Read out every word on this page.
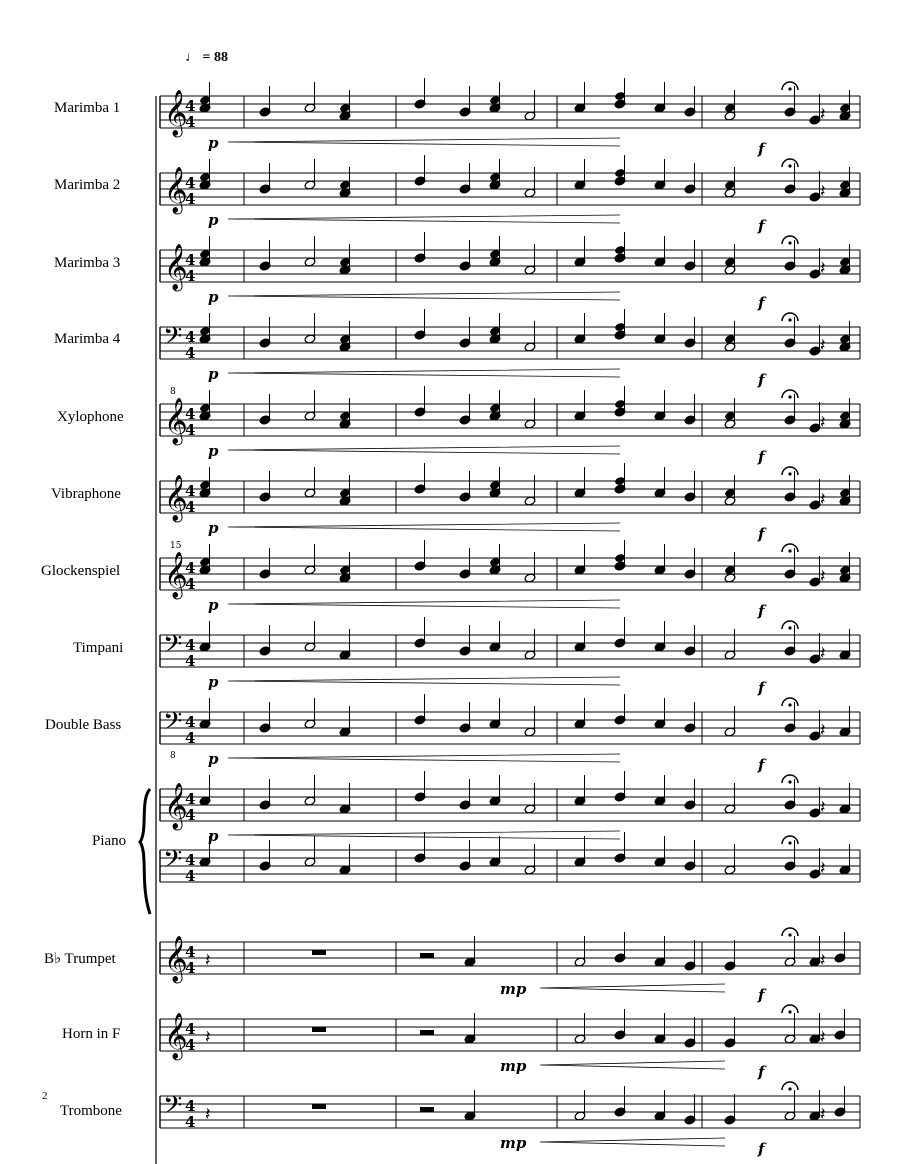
♩ = 88
2
Marimba 1
Marimba 2
Marimba 3
Marimba 4
Xylophone
Vibraphone
Glockenspiel
Timpani
Double Bass
Piano
B♭ Trumpet
Horn in F
Trombone
𝄞
4
4	𝄽
p	f
𝄞
4
4	𝄽
p	f
𝄞
4
4	𝄽
p	f
𝄢 4
4	𝄽
p	f
𝄞
4
4
8
𝄽
p	f
𝄞
4
4	𝄽
p	f
𝄞
4
4
15
𝄽
p	f
𝄢 4
4	𝄽
p	f
𝄢 4
4
8
𝄽
p	f
𝄞
4
4	𝄽
p
𝄢 4
4	𝄽
𝄞
4
4 𝄽	𝄽
mp	f
𝄞
4
4 𝄽	𝄽
mp	f
𝄢 4
4 𝄽	𝄽
mp	f
